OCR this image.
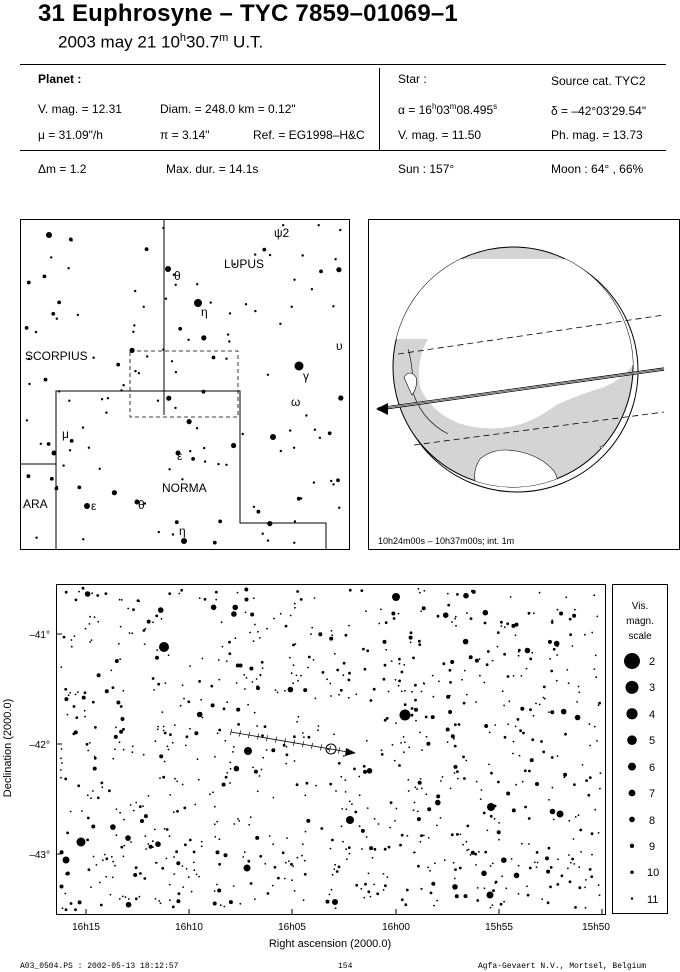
31 Euphrosyne – TYC 7859–01069–1
2003 may 21 10$^h$30.7$^m$ U.T.
Planet :
V. mag. = 12.31	Diam. = 248.0 km = 0.12"
μ = 31.09"/h	π = 3.14"	Ref. = EG1998–H&C
Star :	Source cat. TYC2
$\alpha = 16^h03^m08.495^s$	δ = –42°03'29.54"
V. mag. = 11.50	Ph. mag. = 13.73
Δm = 1.2	Max. dur. = 14.1s	Sun : 157°	Moon : 64° , 66%
SCORPIUS
LUPUS
NORMA
ARA
ψ2
θ
η
υ
γ
ω
μ
ε
ε	θ
η
10h24m00s – 10h37m00s; int. 1m
–41°
–42°
–43°
16h15	16h10	16h05	16h00	15h55	15h50
Right ascension (2000.0)
Declination (2000.0)
Vis.
magn.
scale
2
3
4
5
6
7
8
9
10
11
A03_0504.PS : 2002-05-13 18:12:57	154	Agfa-Gevaert N.V., Mortsel, Belgium
